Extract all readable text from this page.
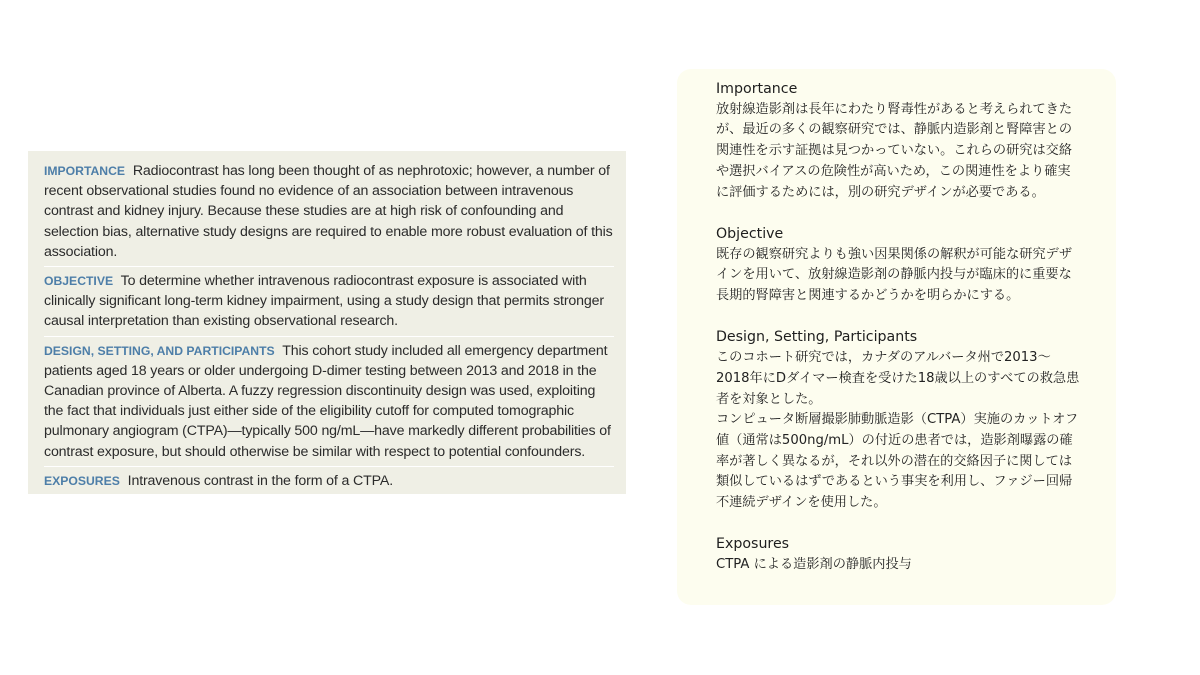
IMPORTANCE Radiocontrast has long been thought of as nephrotoxic; however, a number of recent observational studies found no evidence of an association between intravenous contrast and kidney injury. Because these studies are at high risk of confounding and selection bias, alternative study designs are required to enable more robust evaluation of this association.
OBJECTIVE To determine whether intravenous radiocontrast exposure is associated with clinically significant long-term kidney impairment, using a study design that permits stronger causal interpretation than existing observational research.
DESIGN, SETTING, AND PARTICIPANTS This cohort study included all emergency department patients aged 18 years or older undergoing D-dimer testing between 2013 and 2018 in the Canadian province of Alberta. A fuzzy regression discontinuity design was used, exploiting the fact that individuals just either side of the eligibility cutoff for computed tomographic pulmonary angiogram (CTPA)—typically 500 ng/mL—have markedly different probabilities of contrast exposure, but should otherwise be similar with respect to potential confounders.
EXPOSURES Intravenous contrast in the form of a CTPA.
Importance

放射線造影剤は長年にわたり腎毒性があると考えられてきたが、最近の多くの観察研究では、静脈内造影剤と腎障害との関連性を示す証拠は見つかっていない。これらの研究は交絡や選択バイアスの危険性が高いため，この関連性をより確実に評価するためには，別の研究デザインが必要である。

Objective

既存の観察研究よりも強い因果関係の解釈が可能な研究デザインを用いて、放射線造影剤の静脈内投与が臨床的に重要な長期的腎障害と関連するかどうかを明らかにする。

Design, Setting, Participants

このコホート研究では，カナダのアルバータ州で2013〜2018年にDダイマー検査を受けた18歳以上のすべての救急患者を対象とした。

コンピュータ断層撮影肺動脈造影（CTPA）実施のカットオフ値（通常は500ng/mL）の付近の患者では，造影剤曝露の確率が著しく異なるが，それ以外の潜在的交絡因子に関しては類似しているはずであるという事実を利用し、ファジー回帰不連続デザインを使用した。

Exposures

CTPA による造影剤の静脈内投与
